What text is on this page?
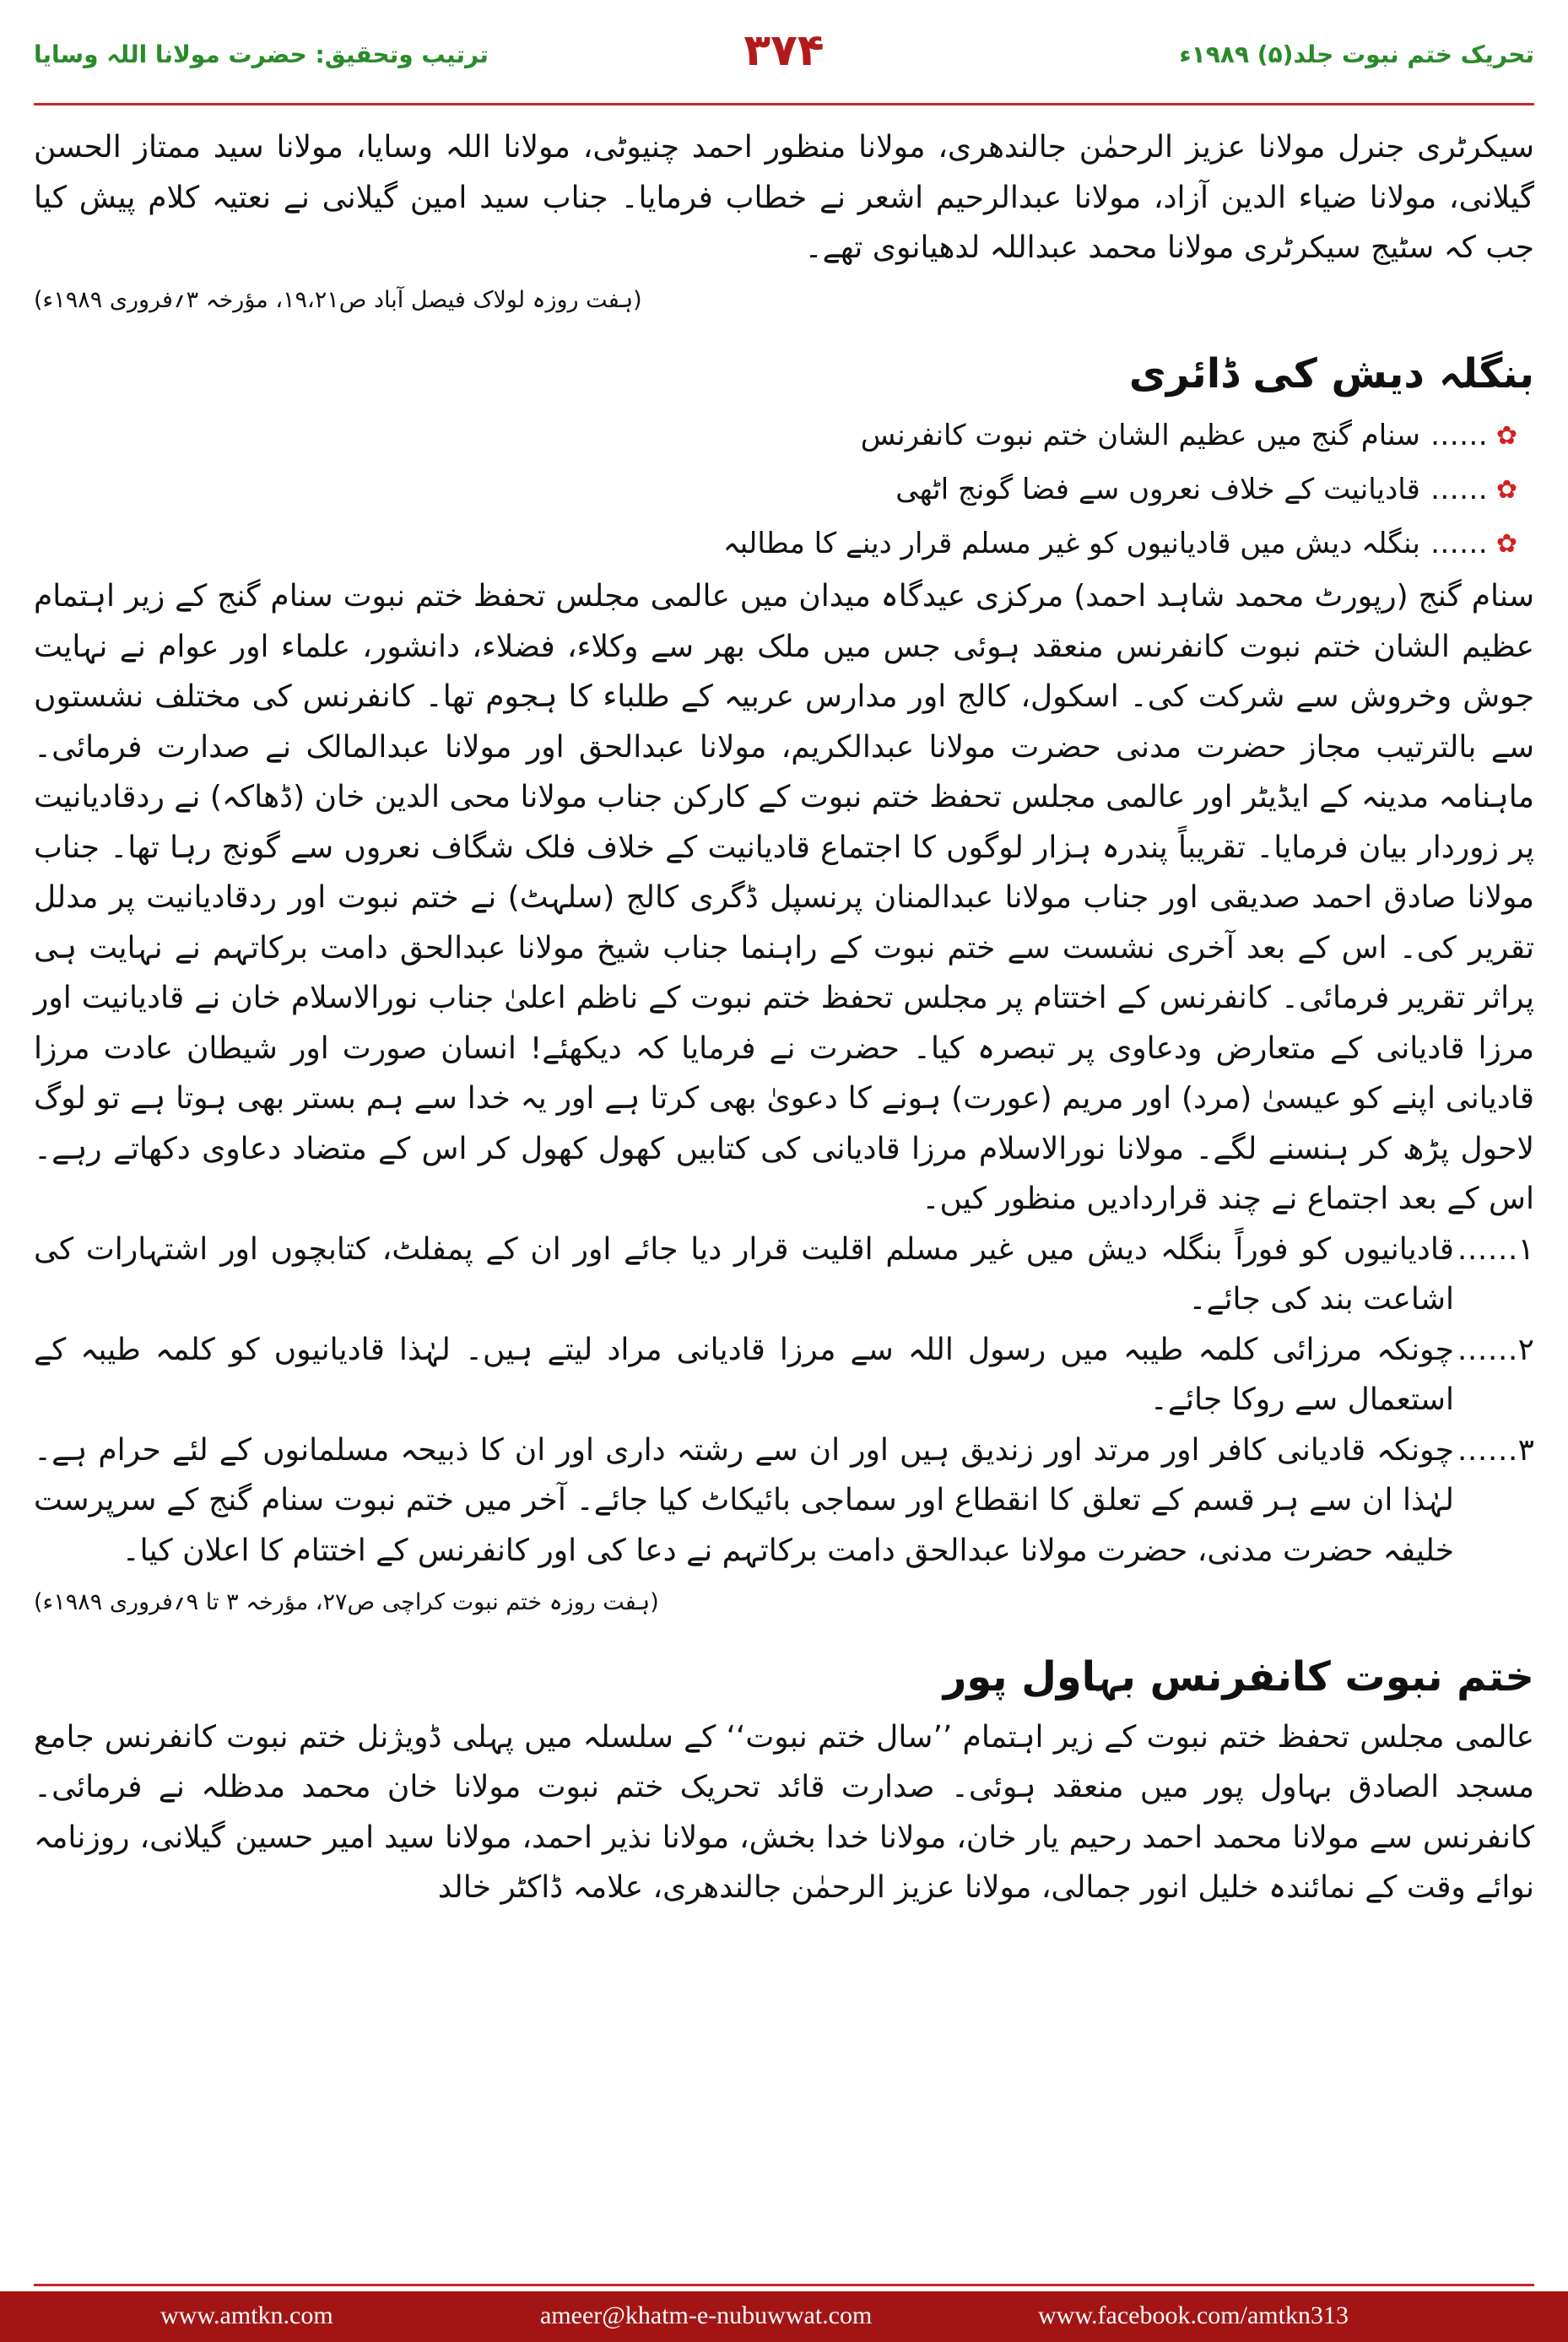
ترتیب وتحقیق: حضرت مولانا اللہ وسایا	۳۷۴	تحریک ختم نبوت جلد(۵) ۱۹۸۹ء

سیکرٹری جنرل مولانا عزیز الرحمٰن جالندھری، مولانا منظور احمد چنیوٹی، مولانا اللہ وسایا، مولانا سید ممتاز الحسن گیلانی، مولانا ضیاء الدین آزاد، مولانا عبدالرحیم اشعر نے خطاب فرمایا۔ جناب سید امین گیلانی نے نعتیہ کلام پیش کیا جب کہ سٹیج سیکرٹری مولانا محمد عبداللہ لدھیانوی تھے۔

(ہفت روزہ لولاک فیصل آباد ص۱۹،۲۱، مؤرخہ ۳؍فروری ۱۹۸۹ء)
بنگلہ دیش کی ڈائری
✿
……
سنام گنج میں عظیم الشان ختم نبوت کانفرنس
✿
……
قادیانیت کے خلاف نعروں سے فضا گونج اٹھی
✿
……
بنگلہ دیش میں قادیانیوں کو غیر مسلم قرار دینے کا مطالبہ

سنام گنج (رپورٹ محمد شاہد احمد) مرکزی عیدگاہ میدان میں عالمی مجلس تحفظ ختم نبوت سنام گنج کے زیر اہتمام عظیم الشان ختم نبوت کانفرنس منعقد ہوئی جس میں ملک بھر سے وکلاء، فضلاء، دانشور، علماء اور عوام نے نہایت جوش وخروش سے شرکت کی۔ اسکول، کالج اور مدارس عربیہ کے طلباء کا ہجوم تھا۔ کانفرنس کی مختلف نشستوں سے بالترتیب مجاز حضرت مدنی حضرت مولانا عبدالکریم، مولانا عبدالحق اور مولانا عبدالمالک نے صدارت فرمائی۔ ماہنامہ مدینہ کے ایڈیٹر اور عالمی مجلس تحفظ ختم نبوت کے کارکن جناب مولانا محی الدین خان (ڈھاکہ) نے ردقادیانیت پر زوردار بیان فرمایا۔ تقریباً پندرہ ہزار لوگوں کا اجتماع قادیانیت کے خلاف فلک شگاف نعروں سے گونج رہا تھا۔ جناب مولانا صادق احمد صدیقی اور جناب مولانا عبدالمنان پرنسپل ڈگری کالج (سلہٹ) نے ختم نبوت اور ردقادیانیت پر مدلل تقریر کی۔ اس کے بعد آخری نشست سے ختم نبوت کے راہنما جناب شیخ مولانا عبدالحق دامت برکاتہم نے نہایت ہی پراثر تقریر فرمائی۔ کانفرنس کے اختتام پر مجلس تحفظ ختم نبوت کے ناظم اعلیٰ جناب نورالاسلام خان نے قادیانیت اور مرزا قادیانی کے متعارض ودعاوی پر تبصرہ کیا۔ حضرت نے فرمایا کہ دیکھئے! انسان صورت اور شیطان عادت مرزا قادیانی اپنے کو عیسیٰ (مرد) اور مریم (عورت) ہونے کا دعویٰ بھی کرتا ہے اور یہ خدا سے ہم بستر بھی ہوتا ہے تو لوگ لاحول پڑھ کر ہنسنے لگے۔ مولانا نورالاسلام مرزا قادیانی کی کتابیں کھول کھول کر اس کے متضاد دعاوی دکھاتے رہے۔ اس کے بعد اجتماع نے چند قراردادیں منظور کیں۔

۱……
قادیانیوں کو فوراً بنگلہ دیش میں غیر مسلم اقلیت قرار دیا جائے اور ان کے پمفلٹ، کتابچوں اور اشتہارات کی اشاعت بند کی جائے۔
۲……
چونکہ مرزائی کلمہ طیبہ میں رسول اللہ سے مرزا قادیانی مراد لیتے ہیں۔ لہٰذا قادیانیوں کو کلمہ طیبہ کے استعمال سے روکا جائے۔
۳……
چونکہ قادیانی کافر اور مرتد اور زندیق ہیں اور ان سے رشتہ داری اور ان کا ذبیحہ مسلمانوں کے لئے حرام ہے۔ لہٰذا ان سے ہر قسم کے تعلق کا انقطاع اور سماجی بائیکاٹ کیا جائے۔ آخر میں ختم نبوت سنام گنج کے سرپرست خلیفہ حضرت مدنی، حضرت مولانا عبدالحق دامت برکاتہم نے دعا کی اور کانفرنس کے اختتام کا اعلان کیا۔
(ہفت روزہ ختم نبوت کراچی ص۲۷، مؤرخہ ۳ تا ۹؍فروری ۱۹۸۹ء)
ختم نبوت کانفرنس بہاول پور

عالمی مجلس تحفظ ختم نبوت کے زیر اہتمام ’’سال ختم نبوت‘‘ کے سلسلہ میں پہلی ڈویژنل ختم نبوت کانفرنس جامع مسجد الصادق بہاول پور میں منعقد ہوئی۔ صدارت قائد تحریک ختم نبوت مولانا خان محمد مدظلہ نے فرمائی۔ کانفرنس سے مولانا محمد احمد رحیم یار خان، مولانا خدا بخش، مولانا نذیر احمد، مولانا سید امیر حسین گیلانی، روزنامہ نوائے وقت کے نمائندہ خلیل انور جمالی، مولانا عزیز الرحمٰن جالندھری، علامہ ڈاکٹر خالد

www.amtkn.com	ameer@khatm-e-nubuwwat.com	www.facebook.com/amtkn313
